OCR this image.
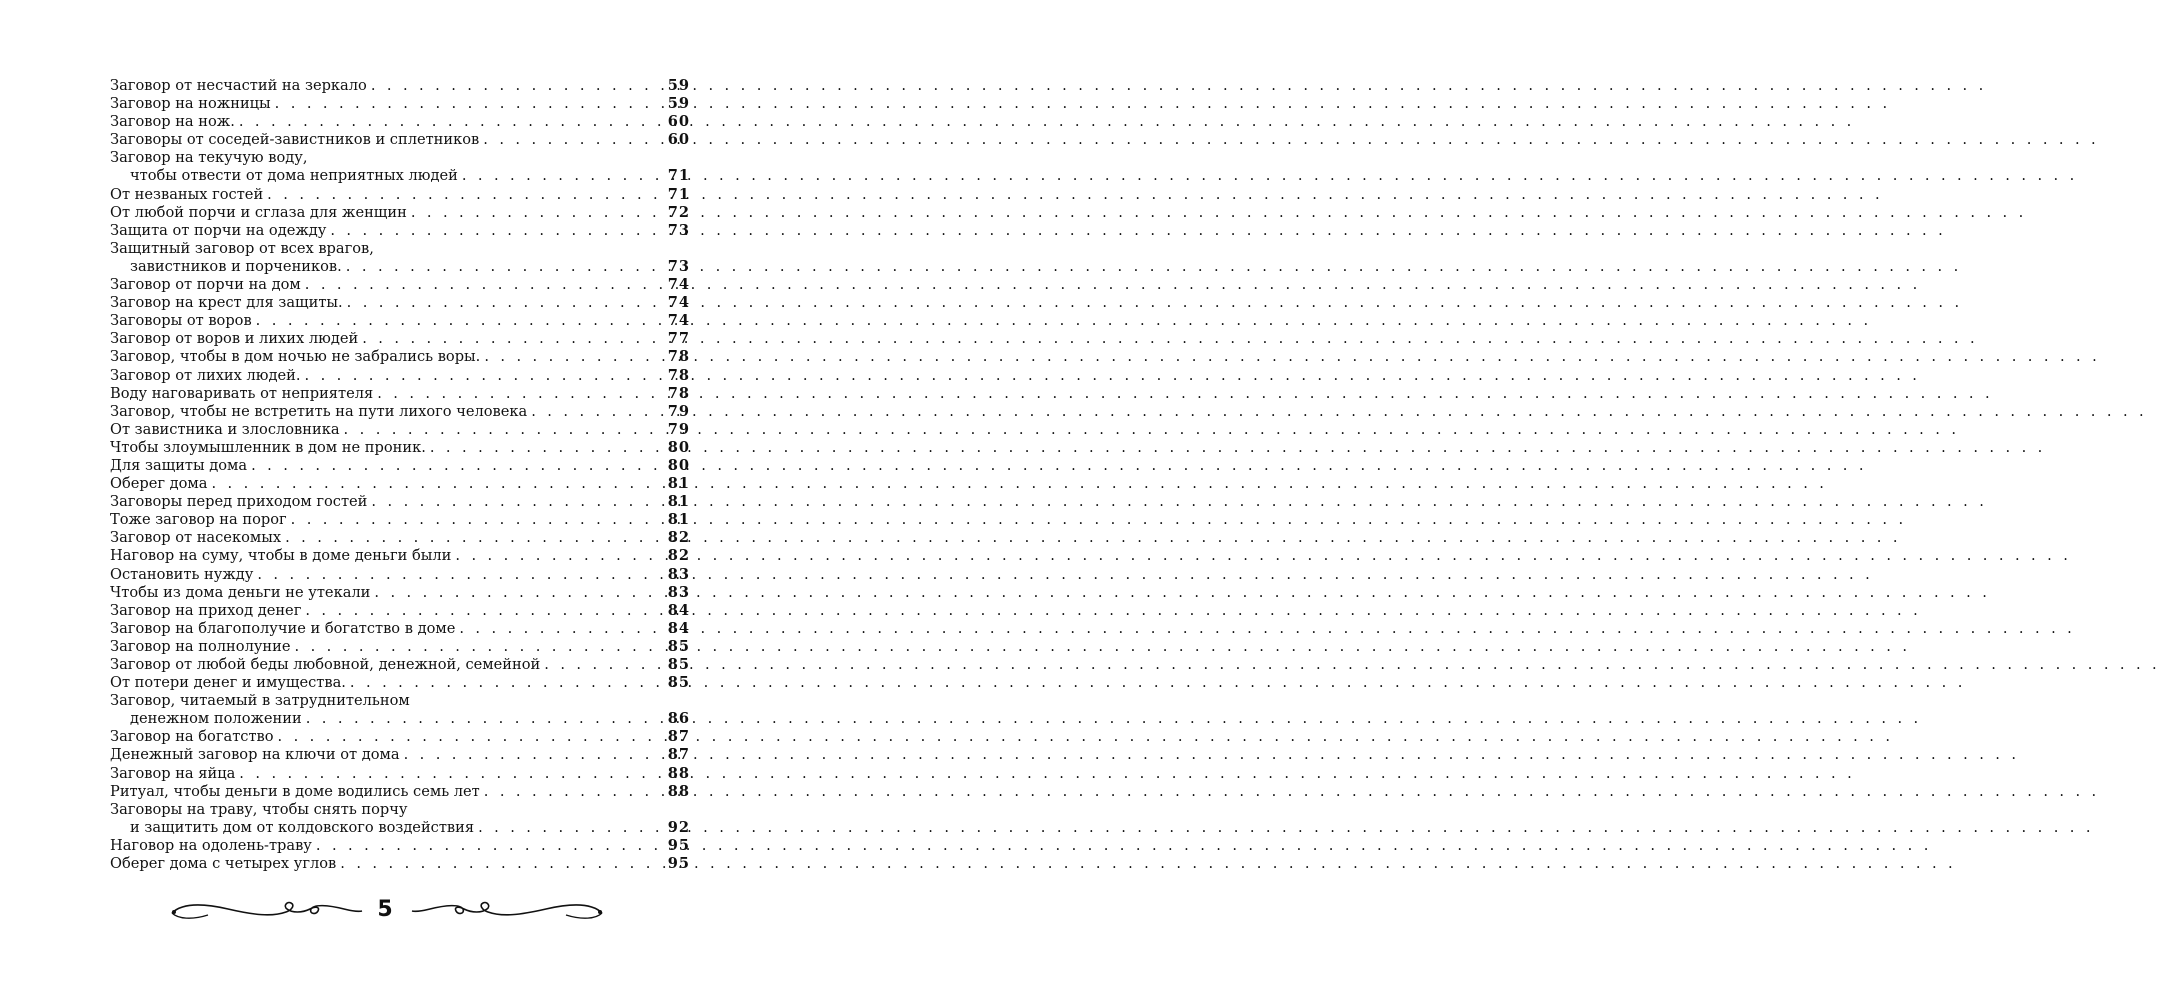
Заговор от несчастий на зеркало . . .	59
Заговор на ножницы . . .	59
Заговор на нож. . . .	60
Заговоры от соседей-завистников и сплетников . . .	60
Заговор на текучую воду,
чтобы отвести от дома неприятных людей . . .	71
От незваных гостей . . .	71
От любой порчи и сглаза для женщин . . .	72
Защита от порчи на одежду . . .	73
Защитный заговор от всех врагов,
завистников и порчеников. . . .	73
Заговор от порчи на дом . . .	74
Заговор на крест для защиты. . . .	74
Заговоры от воров . . .	74
Заговор от воров и лихих людей . . .	77
Заговор, чтобы в дом ночью не забрались воры. . . .	78
Заговор от лихих людей. . . .	78
Воду наговаривать от неприятеля . . .	78
Заговор, чтобы не встретить на пути лихого человека . . .	79
От завистника и злословника . . .	79
Чтобы злоумышленник в дом не проник. . . .	80
Для защиты дома . . .	80
Оберег дома . . .	81
Заговоры перед приходом гостей . . .	81
Тоже заговор на порог . . .	81
Заговор от насекомых . . .	82
Наговор на суму, чтобы в доме деньги были . . .	82
Остановить нужду . . .	83
Чтобы из дома деньги не утекали . . .	83
Заговор на приход денег . . .	84
Заговор на благополучие и богатство в доме . . .	84
Заговор на полнолуние . . .	85
Заговор от любой беды любовной, денежной, семейной . . .	85
От потери денег и имущества. . . .	85
Заговор, читаемый в затруднительном
денежном положении . . .	86
Заговор на богатство . . .	87
Денежный заговор на ключи от дома . . .	87
Заговор на яйца . . .	88
Ритуал, чтобы деньги в доме водились семь лет . . .	88
Заговоры на траву, чтобы снять порчу
и защитить дом от колдовского воздействия . . .	92
Наговор на одолень-траву . . .	95
Оберег дома с четырех углов . . .	95
5
